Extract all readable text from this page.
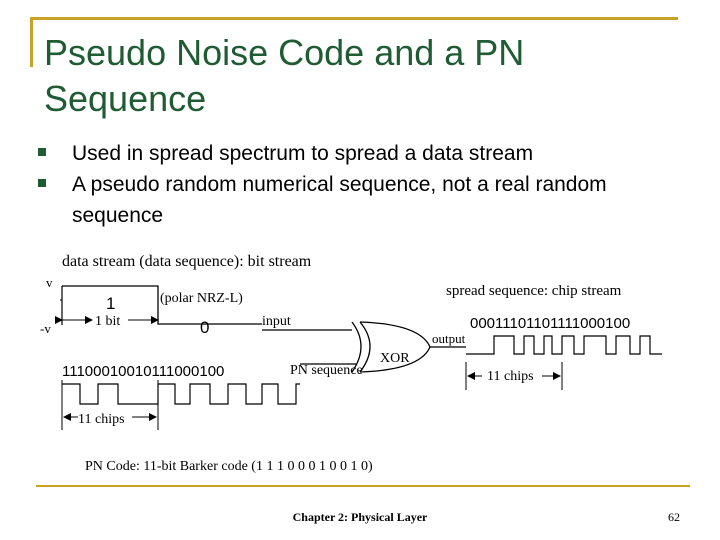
Pseudo Noise Code and a PN Sequence
Used in spread spectrum to spread a data stream
A pseudo random numerical sequence, not a real random sequence
data stream (data sequence): bit stream
v
-v
1
0
1 bit
(polar NRZ-L)
input
11100010010111000100	PN sequence
XOR
output
spread sequence: chip stream
00011101101111000100
11 chips
11 chips
PN Code: 11-bit Barker code (1 1 1 0 0 0 1 0 0 1 0)
Chapter 2: Physical Layer	62
